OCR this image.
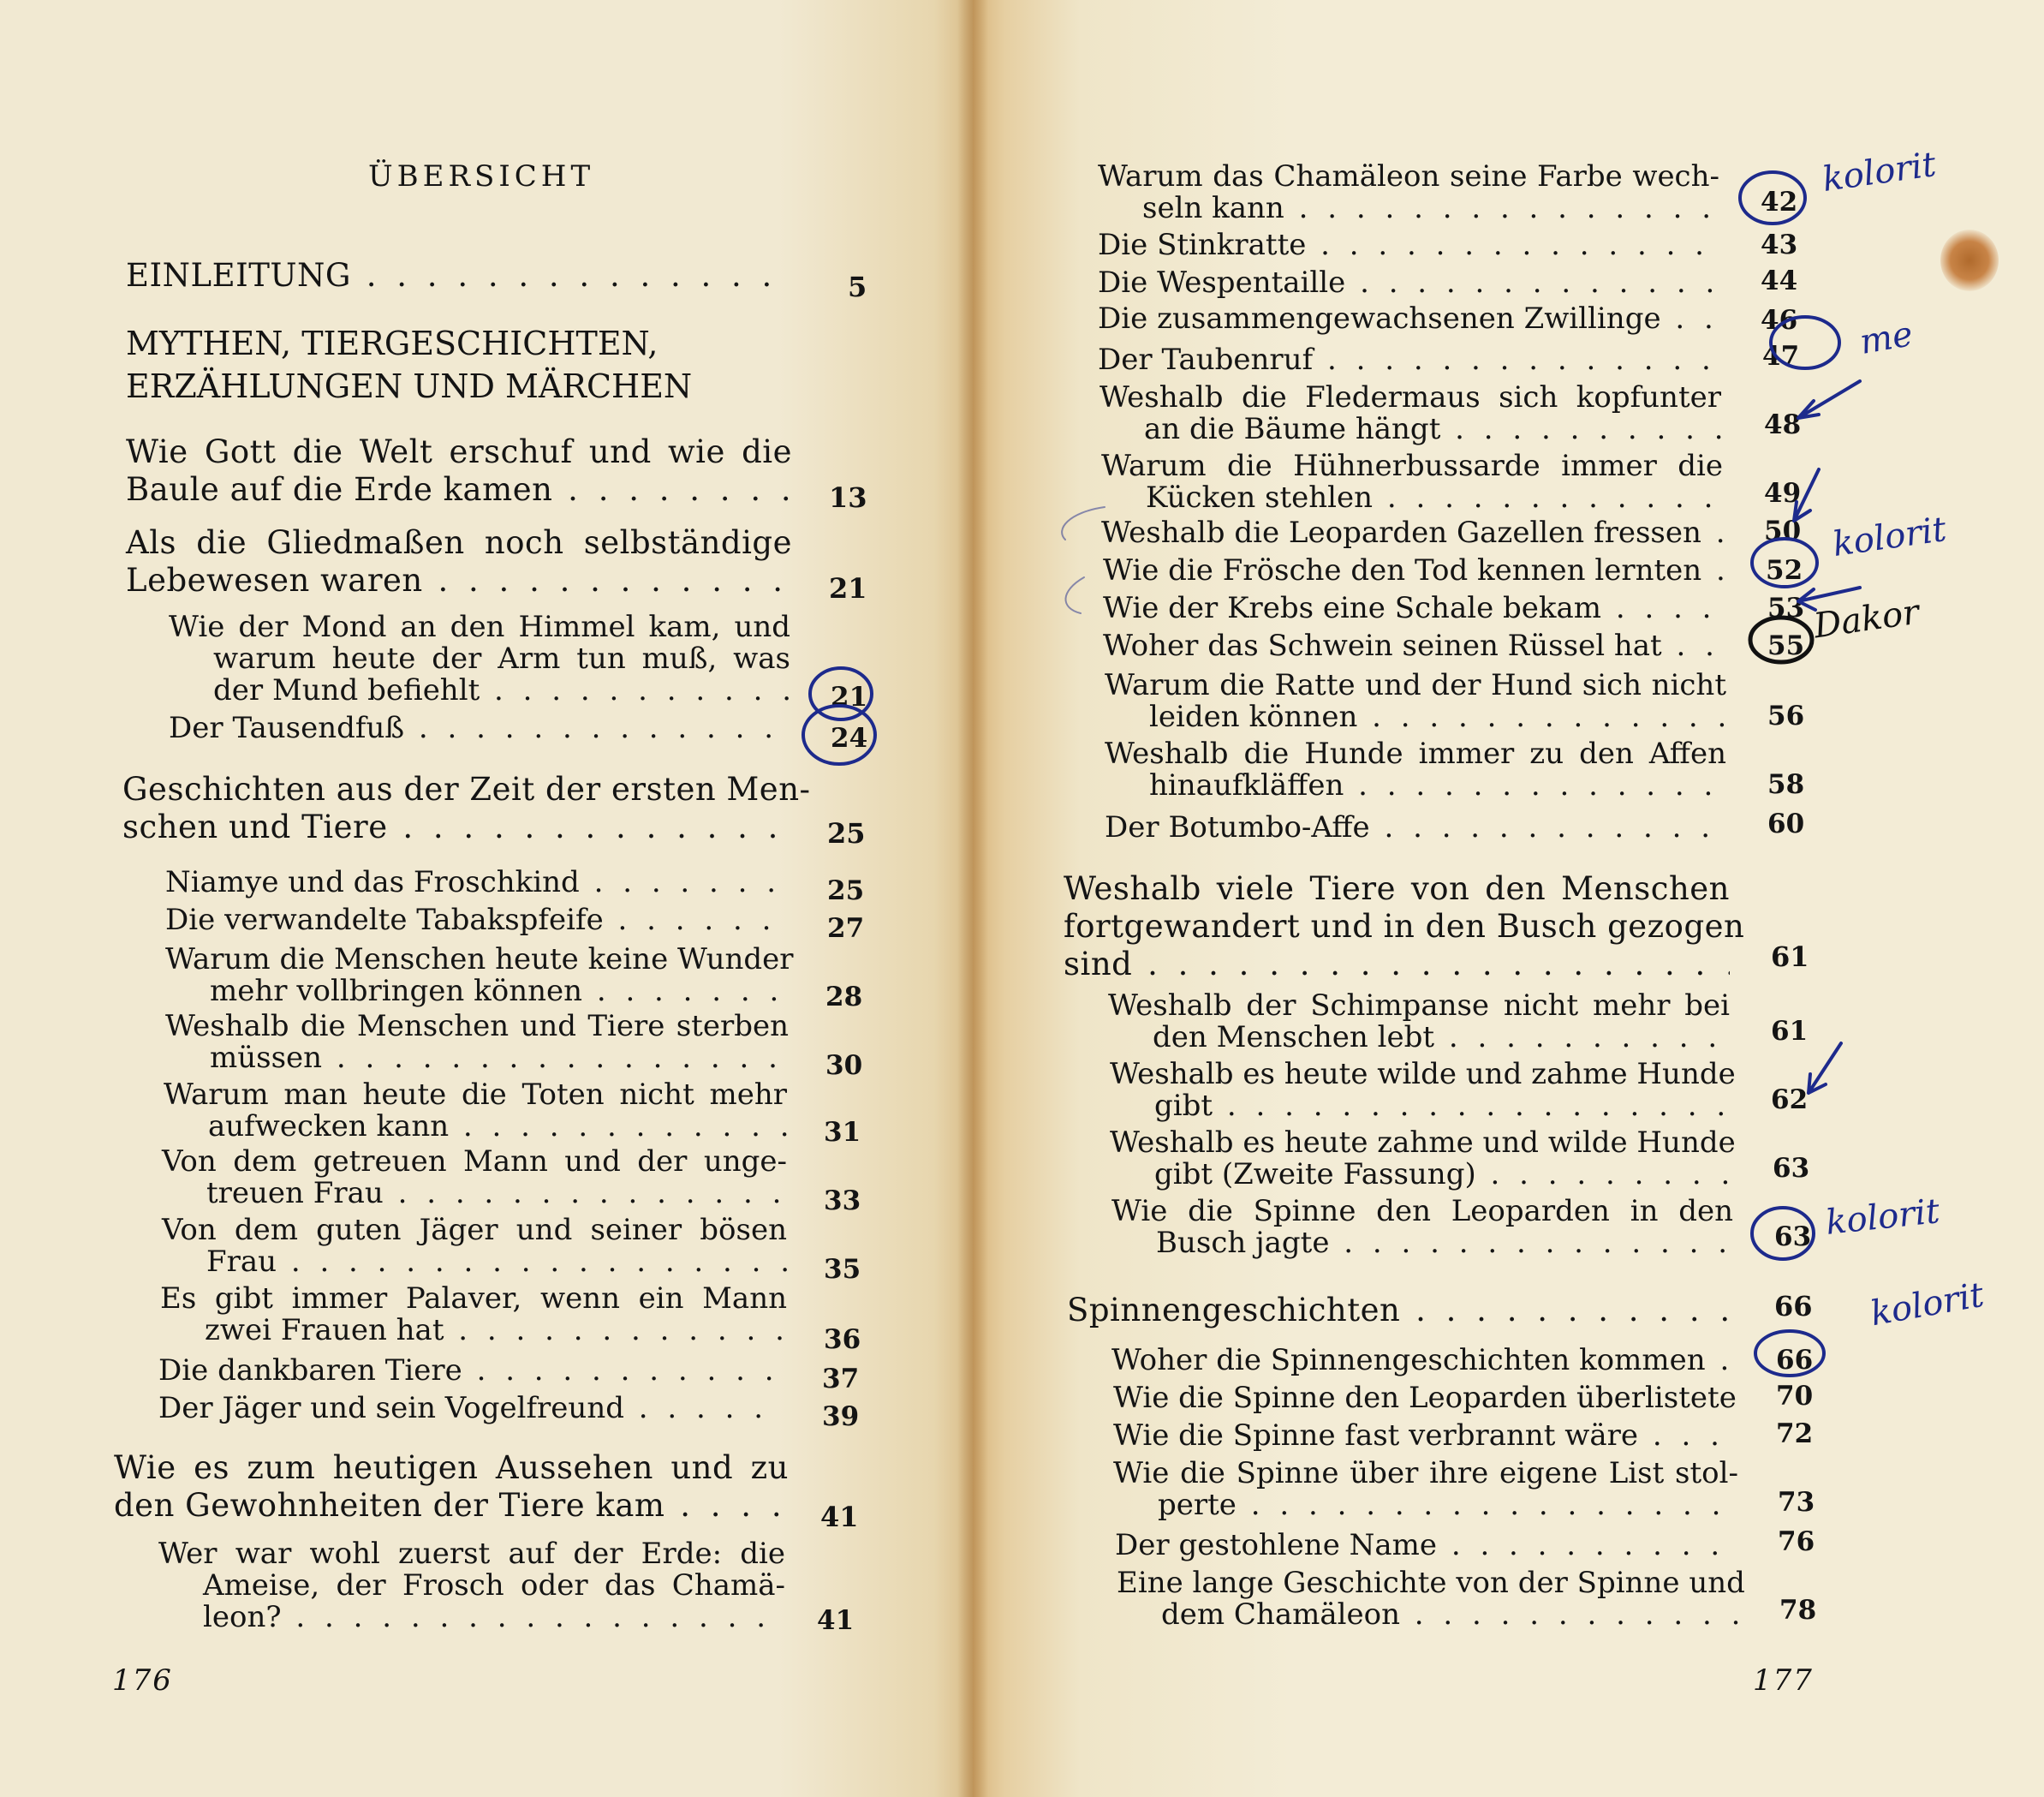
ÜBERSICHT
EINLEITUNG . . .	5
MYTHEN, TIERGESCHICHTEN,
ERZÄHLUNGEN UND MÄRCHEN
176
Wie Gott die Welt erschuf und wie die
Baule auf die Erde kamen . . .	13
Als die Gliedmaßen noch selbständige
Lebewesen waren . . .	21
Wie der Mond an den Himmel kam, und
warum heute der Arm tun muß, was
der Mund befiehlt . . .	21
Der Tausendfuß . . .	24
Geschichten aus der Zeit der ersten Men-
schen und Tiere . . .	25
Niamye und das Froschkind . . .	25
Die verwandelte Tabakspfeife . . .	27
Warum die Menschen heute keine Wunder
mehr vollbringen können . . .	28
Weshalb die Menschen und Tiere sterben
müssen . . .	30
Warum man heute die Toten nicht mehr
aufwecken kann . . .	31
Von dem getreuen Mann und der unge-
treuen Frau . . .	33
Von dem guten Jäger und seiner bösen
Frau . . .	35
Es gibt immer Palaver, wenn ein Mann
zwei Frauen hat . . .	36
Die dankbaren Tiere . . .	37
Der Jäger und sein Vogelfreund . . .	39
Wie es zum heutigen Aussehen und zu
den Gewohnheiten der Tiere kam . . .	41
Wer war wohl zuerst auf der Erde: die
Ameise, der Frosch oder das Chamä-
leon? . . .	41
177
Warum das Chamäleon seine Farbe wech-
seln kann . . .	42
Die Stinkratte . . .	43
Die Wespentaille . . .	44
Die zusammengewachsenen Zwillinge . . .	46
Der Taubenruf . . .	47
Weshalb die Fledermaus sich kopfunter
an die Bäume hängt . . .	48
Warum die Hühnerbussarde immer die
Kücken stehlen . . .	49
Weshalb die Leoparden Gazellen fressen . . .	50
Wie die Frösche den Tod kennen lernten . . .	52
Wie der Krebs eine Schale bekam . . .	53
Woher das Schwein seinen Rüssel hat . . .	55
Warum die Ratte und der Hund sich nicht
leiden können . . .	56
Weshalb die Hunde immer zu den Affen
hinaufkläffen . . .	58
Der Botumbo-Affe . . .	60
Weshalb viele Tiere von den Menschen
fortgewandert und in den Busch gezogen
sind . . .	61
Weshalb der Schimpanse nicht mehr bei
den Menschen lebt . . .	61
Weshalb es heute wilde und zahme Hunde
gibt . . .	62
Weshalb es heute zahme und wilde Hunde
gibt (Zweite Fassung) . . .	63
Wie die Spinne den Leoparden in den
Busch jagte . . .	63
Spinnengeschichten . . .	66
Woher die Spinnengeschichten kommen . . .	66
Wie die Spinne den Leoparden überlistete . . . 70
Wie die Spinne fast verbrannt wäre . . .	72
Wie die Spinne über ihre eigene List stol-
perte . . .	73
Der gestohlene Name . . .	76
Eine lange Geschichte von der Spinne und
dem Chamäleon . . .	78
kolorit
me
kolorit
Dakor
kolorit
kolorit
